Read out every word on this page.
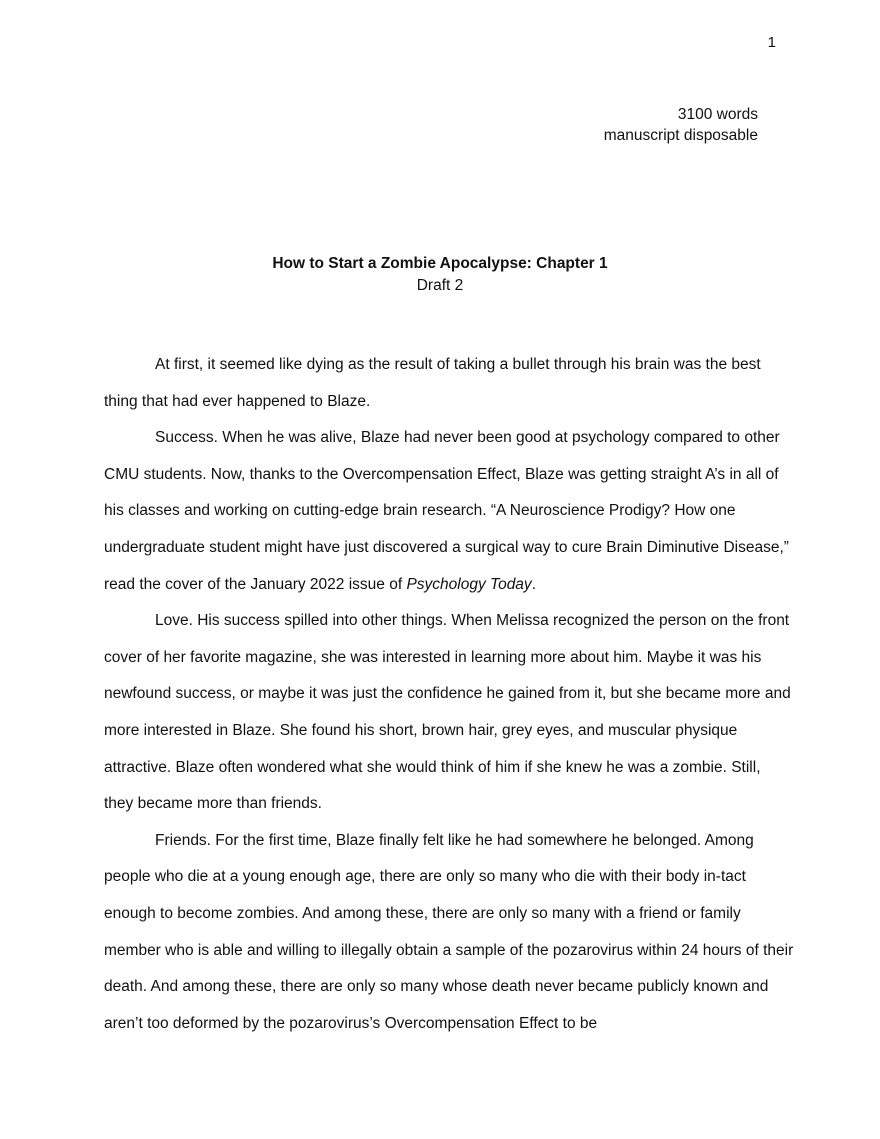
1
3100 words
manuscript disposable
How to Start a Zombie Apocalypse: Chapter 1
Draft 2

At first, it seemed like dying as the result of taking a bullet through his brain was the best thing that had ever happened to Blaze.

Success. When he was alive, Blaze had never been good at psychology compared to other CMU students. Now, thanks to the Overcompensation Effect, Blaze was getting straight A’s in all of his classes and working on cutting-edge brain research. “A Neuroscience Prodigy? How one undergraduate student might have just discovered a surgical way to cure Brain Diminutive Disease,” read the cover of the January 2022 issue of Psychology Today.

Love. His success spilled into other things. When Melissa recognized the person on the front cover of her favorite magazine, she was interested in learning more about him. Maybe it was his newfound success, or maybe it was just the confidence he gained from it, but she became more and more interested in Blaze. She found his short, brown hair, grey eyes, and muscular physique attractive. Blaze often wondered what she would think of him if she knew he was a zombie. Still, they became more than friends.

Friends. For the first time, Blaze finally felt like he had somewhere he belonged. Among people who die at a young enough age, there are only so many who die with their body in-tact enough to become zombies. And among these, there are only so many with a friend or family member who is able and willing to illegally obtain a sample of the pozarovirus within 24 hours of their death. And among these, there are only so many whose death never became publicly known and aren’t too deformed by the pozarovirus’s Overcompensation Effect to be
